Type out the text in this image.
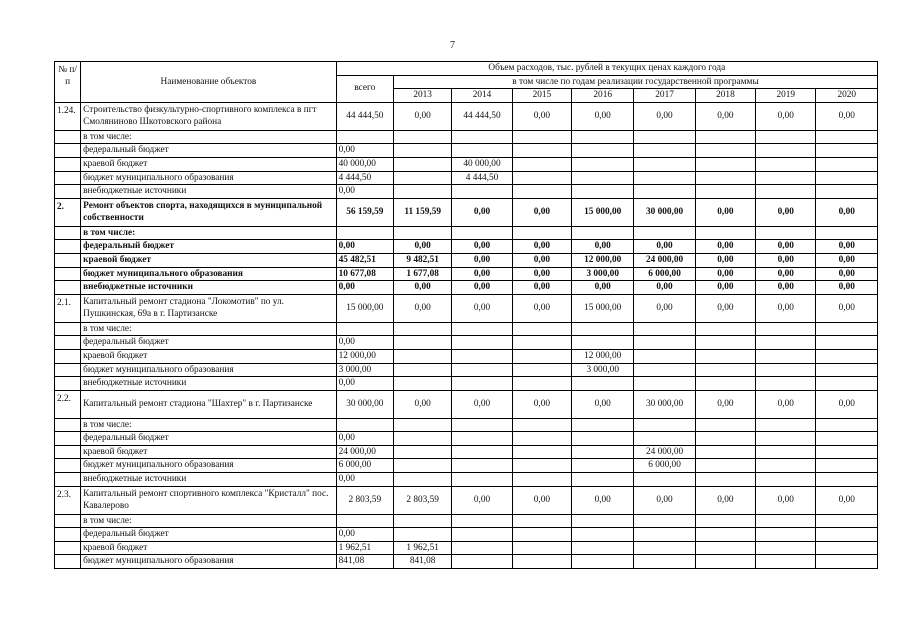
7
№ п/п	Наименование объектов	Объем расходов, тыс. рублей в текущих ценах каждого года								
		всего	в том числе по годам реализации государственной программы							
			2013	2014	2015	2016	2017	2018	2019	2020
1.24.	Строительство физкультурно-спортивного комплекса в пгт Смоляниново Шкотовского района	44 444,50	0,00	44 444,50	0,00	0,00	0,00	0,00	0,00	0,00
	в том числе:									
	федеральный бюджет	0,00								
	краевой бюджет	40 000,00		40 000,00						
	бюджет муниципального образования	4 444,50		4 444,50						
	внебюджетные источники	0,00								
2.	Ремонт объектов спорта, находящихся в муниципальной собственности	56 159,59	11 159,59	0,00	0,00	15 000,00	30 000,00	0,00	0,00	0,00
	в том числе:									
	федеральный бюджет	0,00	0,00	0,00	0,00	0,00	0,00	0,00	0,00	0,00
	краевой бюджет	45 482,51	9 482,51	0,00	0,00	12 000,00	24 000,00	0,00	0,00	0,00
	бюджет муниципального образования	10 677,08	1 677,08	0,00	0,00	3 000,00	6 000,00	0,00	0,00	0,00
	внебюджетные источники	0,00	0,00	0,00	0,00	0,00	0,00	0,00	0,00	0,00
2.1.	Капитальный ремонт стадиона "Локомотив" по ул. Пушкинская, 69а в г. Партизанске	15 000,00	0,00	0,00	0,00	15 000,00	0,00	0,00	0,00	0,00
	в том числе:									
	федеральный бюджет	0,00								
	краевой бюджет	12 000,00				12 000,00				
	бюджет муниципального образования	3 000,00				3 000,00				
	внебюджетные источники	0,00								
2.2.	Капитальный ремонт стадиона "Шахтер" в г. Партизанске	30 000,00	0,00	0,00	0,00	0,00	30 000,00	0,00	0,00	0,00
	в том числе:									
	федеральный бюджет	0,00								
	краевой бюджет	24 000,00					24 000,00			
	бюджет муниципального образования	6 000,00					6 000,00			
	внебюджетные источники	0,00								
2.3.	Капитальный ремонт спортивного комплекса "Кристалл" пос. Кавалерово	2 803,59	2 803,59	0,00	0,00	0,00	0,00	0,00	0,00	0,00
	в том числе:									
	федеральный бюджет	0,00								
	краевой бюджет	1 962,51	1 962,51							
	бюджет муниципального образования	841,08	841,08							
